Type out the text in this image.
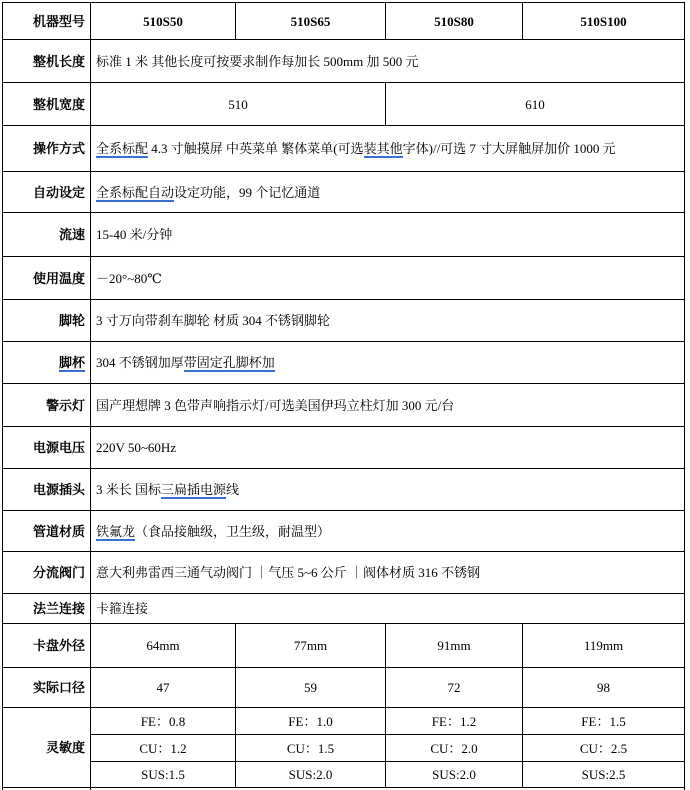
机器型号	510S50	510S65	510S80	510S100
整机长度	标准 1 米 其他长度可按要求制作每加长 500mm 加 500 元			
整机宽度	510		610	
操作方式	全系标配 4.3 寸触摸屏 中英菜单 繁体菜单(可选装其他字体)//可选 7 寸大屏触屏加价 1000 元			
自动设定	全系标配自动设定功能，99 个记忆通道			
流速	15-40 米/分钟			
使用温度	－20°~80℃			
脚轮	3 寸万向带刹车脚轮 材质 304 不锈钢脚轮			
脚杯	304 不锈钢加厚带固定孔脚杯加			
警示灯	国产理想牌 3 色带声响指示灯/可选美国伊玛立柱灯加 300 元/台			
电源电压	220V 50~60Hz			
电源插头	3 米长 国标三扁插电源线			
管道材质	铁氟龙（食品接触级，卫生级，耐温型）			
分流阀门	意大利弗雷西三通气动阀门 ｜气压 5~6 公斤 ｜阀体材质 316 不锈钢			
法兰连接	卡箍连接			
卡盘外径	64mm	77mm	91mm	119mm
实际口径	47	59	72	98
灵敏度	FE：0.8	FE：1.0	FE：1.2	FE：1.5
	CU：1.2	CU：1.5	CU：2.0	CU：2.5
	SUS:1.5	SUS:2.0	SUS:2.0	SUS:2.5
